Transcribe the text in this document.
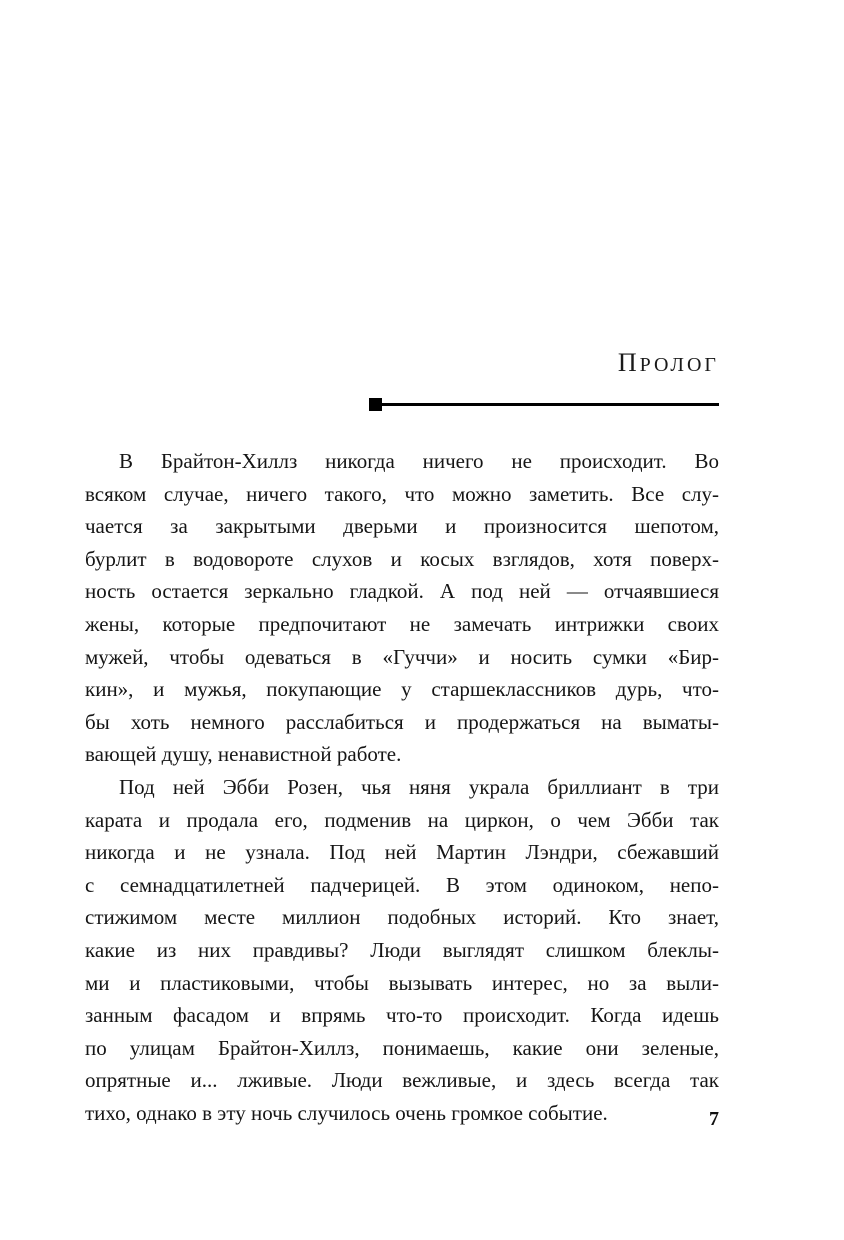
ПРОЛОГ
В Брайтон-Хиллз никогда ничего не происходит. Во
всяком случае, ничего такого, что можно заметить. Все слу-
чается за закрытыми дверьми и произносится шепотом,
бурлит в водовороте слухов и косых взглядов, хотя поверх-
ность остается зеркально гладкой. А под ней — отчаявшиеся
жены, которые предпочитают не замечать интрижки своих
мужей, чтобы одеваться в «Гуччи» и носить сумки «Бир-
кин», и мужья, покупающие у старшеклассников дурь, что-
бы хоть немного расслабиться и продержаться на выматы-
вающей душу, ненавистной работе.
Под ней Эбби Розен, чья няня украла бриллиант в три
карата и продала его, подменив на циркон, о чем Эбби так
никогда и не узнала. Под ней Мартин Лэндри, сбежавший
с семнадцатилетней падчерицей. В этом одиноком, непо-
стижимом месте миллион подобных историй. Кто знает,
какие из них правдивы? Люди выглядят слишком блеклы-
ми и пластиковыми, чтобы вызывать интерес, но за выли-
занным фасадом и впрямь что-то происходит. Когда идешь
по улицам Брайтон-Хиллз, понимаешь, какие они зеленые,
опрятные и... лживые. Люди вежливые, и здесь всегда так
тихо, однако в эту ночь случилось очень громкое событие.	7
